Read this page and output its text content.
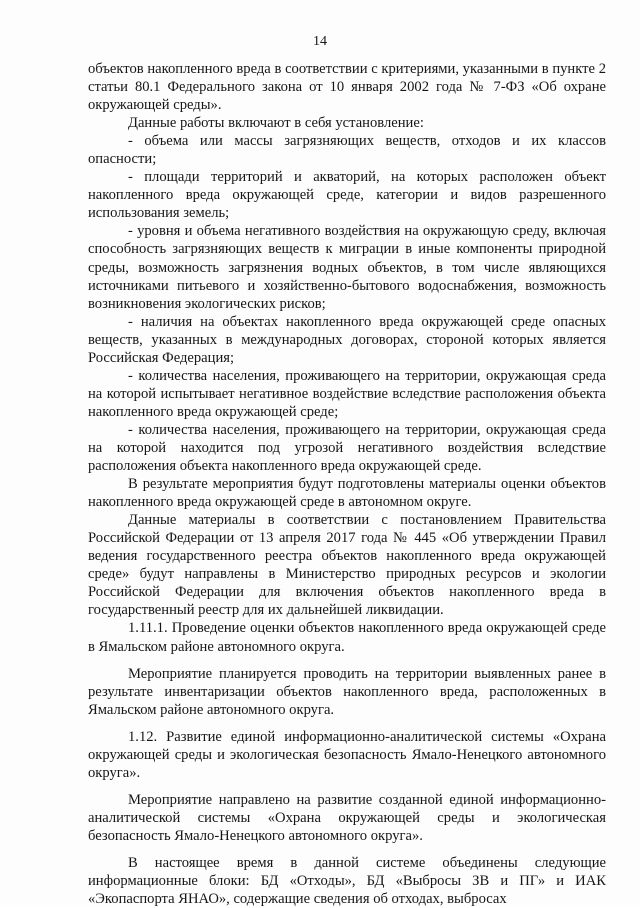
14

объектов накопленного вреда в соответствии с критериями, указанными в пункте 2 статьи 80.1 Федерального закона от 10 января 2002 года № 7-ФЗ «Об охране окружающей среды».

Данные работы включают в себя установление:

- объема или массы загрязняющих веществ, отходов и их классов опасности;

- площади территорий и акваторий, на которых расположен объект накопленного вреда окружающей среде, категории и видов разрешенного использования земель;

- уровня и объема негативного воздействия на окружающую среду, включая способность загрязняющих веществ к миграции в иные компоненты природной среды, возможность загрязнения водных объектов, в том числе являющихся источниками питьевого и хозяйственно-бытового водоснабжения, возможность возникновения экологических рисков;

- наличия на объектах накопленного вреда окружающей среде опасных веществ, указанных в международных договорах, стороной которых является Российская Федерация;

- количества населения, проживающего на территории, окружающая среда на которой испытывает негативное воздействие вследствие расположения объекта накопленного вреда окружающей среде;

- количества населения, проживающего на территории, окружающая среда на которой находится под угрозой негативного воздействия вследствие расположения объекта накопленного вреда окружающей среде.

В результате мероприятия будут подготовлены материалы оценки объектов накопленного вреда окружающей среде в автономном округе.

Данные материалы в соответствии с постановлением Правительства Российской Федерации от 13 апреля 2017 года № 445 «Об утверждении Правил ведения государственного реестра объектов накопленного вреда окружающей среде» будут направлены в Министерство природных ресурсов и экологии Российской Федерации для включения объектов накопленного вреда в государственный реестр для их дальнейшей ликвидации.

1.11.1. Проведение оценки объектов накопленного вреда окружающей среде в Ямальском районе автономного округа.

Мероприятие планируется проводить на территории выявленных ранее в результате инвентаризации объектов накопленного вреда, расположенных в Ямальском районе автономного округа.

1.12. Развитие единой информационно-аналитической системы «Охрана окружающей среды и экологическая безопасность Ямало-Ненецкого автономного округа».

Мероприятие направлено на развитие созданной единой информационно-аналитической системы «Охрана окружающей среды и экологическая безопасность Ямало-Ненецкого автономного округа».

В настоящее время в данной системе объединены следующие информационные блоки: БД «Отходы», БД «Выбросы ЗВ и ПГ» и ИАК «Экопаспорта ЯНАО», содержащие сведения об отходах, выбросах
